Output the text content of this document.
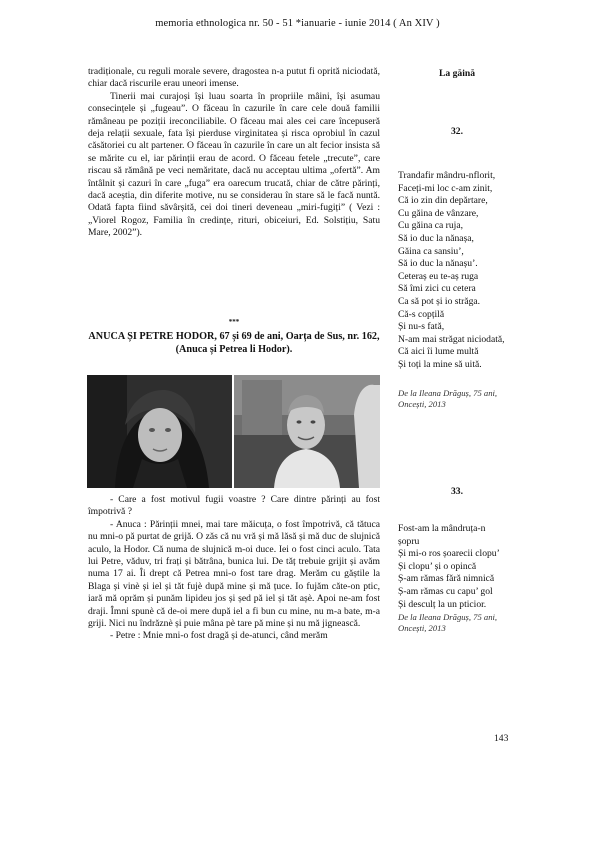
memoria ethnologica nr. 50 - 51 *ianuarie - iunie 2014 ( An XIV )

tradiționale, cu reguli morale severe, dragostea n-a putut fi oprită niciodată, chiar dacă riscurile erau uneori imense.

Tinerii mai curajoși își luau soarta în propriile mâini, își asumau consecințele și „fugeau”. O făceau în cazurile în care cele două familii rămâneau pe poziții ireconciliabile. O făceau mai ales cei care începuseră deja relații sexuale, fata își pierduse virginitatea și risca oprobiul în cazul căsătoriei cu alt partener. O făceau în cazurile în care un alt fecior insista să se mărite cu el, iar părinții erau de acord. O făceau fetele „trecute”, care riscau să rămână pe veci nemăritate, dacă nu acceptau ultima „ofertă”. Am întâlnit și cazuri în care „fuga” era oarecum trucată, chiar de către părinți, dacă aceștia, din diferite motive, nu se considerau în stare să le facă nuntă. Odată fapta fiind săvârșită, cei doi tineri deveneau „miri-fugiți” ( Vezi : „Viorel Rogoz, Familia în credințe, rituri, obiceiuri, Ed. Solstițiu, Satu Mare, 2002”).

***
ANUCA ȘI PETRE HODOR, 67 și 69 de ani, Oarța de Sus, nr. 162, (Anuca și Petrea li Hodor).

- Care a fost motivul fugii voastre ? Care dintre părinți au fost împotrivă ?

- Anuca : Părinții mnei, mai tare măicuța, o fost împotrivă, că tătuca nu mni-o pă purtat de grijă. O zăs că nu vră și mă lăsă și mă duc de slujnică aculo, la Hodor. Că numa de slujnică m-oi duce. Iei o fost cinci aculo. Tata lui Petre, văduv, tri frați și bătrâna, bunica lui. De tăț trebuie grijit și avăm numa 17 ai. Îi drept că Petrea mni-o fost tare drag. Merăm cu găștile la Blaga și vinè și iel și tăt fujè după mine și mă țuce. Io fujăm căte-on ptic, iară mă oprăm și punăm lipideu jos și șed pă iel și tăt așè. Apoi ne-am fost draji. Îmni spunè că de-oi mere după iel a fi bun cu mine, nu m-a bate, m-a griji. Nici nu îndrăznè și puie mâna pè tare pă mine și nu mă jignească.

- Petre : Mnie mni-o fost dragă și de-atunci, când merăm

La găină
32.
Trandafir mândru-nflorit,
Faceți-mi loc c-am zinit,
Că io zin din depărtare,
Cu găina de vânzare,
Cu găina ca ruja,
Să io duc la nănașa,
Găina ca sansiu’,
Să io duc la nănașu’.
Ceteraș eu te-aș ruga
Să îmi zici cu cetera
Ca să pot și io străga.
Că-s copțilă
Și nu-s fată,
N-am mai străgat niciodată,
Că aici îi lume multă
Și toți la mine să uită.
De la Ileana Drăguș, 75 ani,
Oncești, 2013
33.
Fost-am la mândruța-n
șopru
Și mi-o ros șoarecii clopu’
Și clopu’ și o opincă
Ș-am rămas fără nimnică
Ș-am rămas cu capu’ gol
Și desculț la un pticior.
De la Ileana Drăguș, 75 ani,
Oncești, 2013
143
